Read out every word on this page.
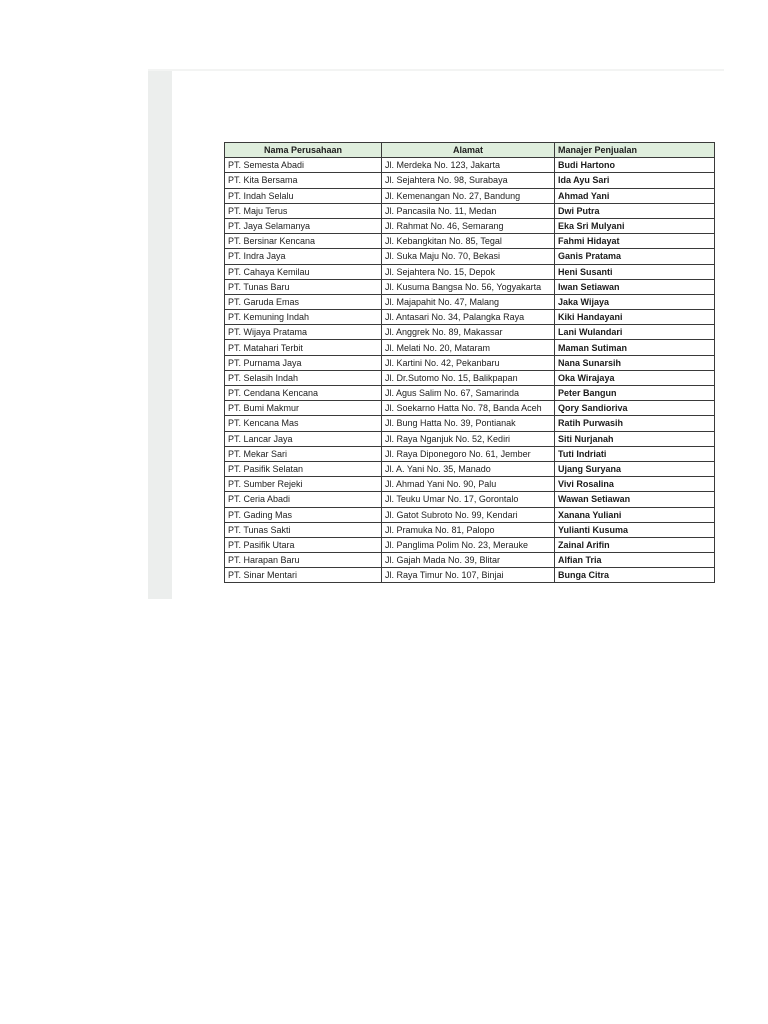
Nama Perusahaan	Alamat	Manajer Penjualan
PT. Semesta Abadi	Jl. Merdeka No. 123, Jakarta	Budi Hartono
PT. Kita Bersama	Jl. Sejahtera No. 98, Surabaya	Ida Ayu Sari
PT. Indah Selalu	Jl. Kemenangan No. 27, Bandung	Ahmad Yani
PT. Maju Terus	Jl. Pancasila No. 11, Medan	Dwi Putra
PT. Jaya Selamanya	Jl. Rahmat No. 46, Semarang	Eka Sri Mulyani
PT. Bersinar Kencana	Jl. Kebangkitan No. 85, Tegal	Fahmi Hidayat
PT. Indra Jaya	Jl. Suka Maju No. 70, Bekasi	Ganis Pratama
PT. Cahaya Kemilau	Jl. Sejahtera No. 15, Depok	Heni Susanti
PT. Tunas Baru	Jl. Kusuma Bangsa No. 56, Yogyakarta	Iwan Setiawan
PT. Garuda Emas	Jl. Majapahit No. 47, Malang	Jaka Wijaya
PT. Kemuning Indah	Jl. Antasari No. 34, Palangka Raya	Kiki Handayani
PT. Wijaya Pratama	Jl. Anggrek No. 89, Makassar	Lani Wulandari
PT. Matahari Terbit	Jl. Melati No. 20, Mataram	Maman Sutiman
PT. Purnama Jaya	Jl. Kartini No. 42, Pekanbaru	Nana Sunarsih
PT. Selasih Indah	Jl. Dr.Sutomo No. 15, Balikpapan	Oka Wirajaya
PT. Cendana Kencana	Jl. Agus Salim No. 67, Samarinda	Peter Bangun
PT. Bumi Makmur	Jl. Soekarno Hatta No. 78, Banda Aceh	Qory Sandioriva
PT. Kencana Mas	Jl. Bung Hatta No. 39, Pontianak	Ratih Purwasih
PT. Lancar Jaya	Jl. Raya Nganjuk No. 52, Kediri	Siti Nurjanah
PT. Mekar Sari	Jl. Raya Diponegoro No. 61, Jember	Tuti Indriati
PT. Pasifik Selatan	Jl. A. Yani No. 35, Manado	Ujang Suryana
PT. Sumber Rejeki	Jl. Ahmad Yani No. 90, Palu	Vivi Rosalina
PT. Ceria Abadi	Jl. Teuku Umar No. 17, Gorontalo	Wawan Setiawan
PT. Gading Mas	Jl. Gatot Subroto No. 99, Kendari	Xanana Yuliani
PT. Tunas Sakti	Jl. Pramuka No. 81, Palopo	Yulianti Kusuma
PT. Pasifik Utara	Jl. Panglima Polim No. 23, Merauke	Zainal Arifin
PT. Harapan Baru	Jl. Gajah Mada No. 39, Blitar	Alfian Tria
PT. Sinar Mentari	Jl. Raya Timur No. 107, Binjai	Bunga Citra
